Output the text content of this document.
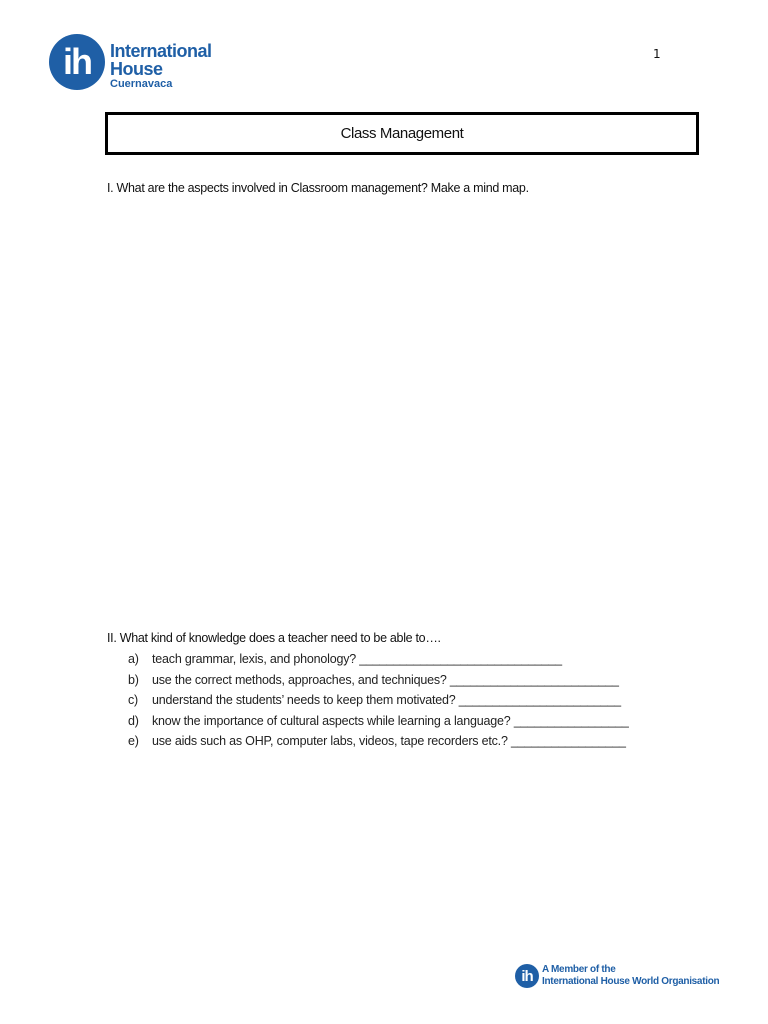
ih	International
House
Cuernavaca
1
Class Management
I. What are the aspects involved in Classroom management? Make a mind map.
II. What kind of knowledge does a teacher need to be able to….
a)	teach grammar, lexis, and phonology? ______________________________
b)	use the correct methods, approaches, and techniques? _________________________
c)	understand the students’ needs to keep them motivated? ________________________
d)	know the importance of cultural aspects while learning a language? _________________
e)	use aids such as OHP, computer labs, videos, tape recorders etc.? _________________
ih A Member of the
International House World Organisation
